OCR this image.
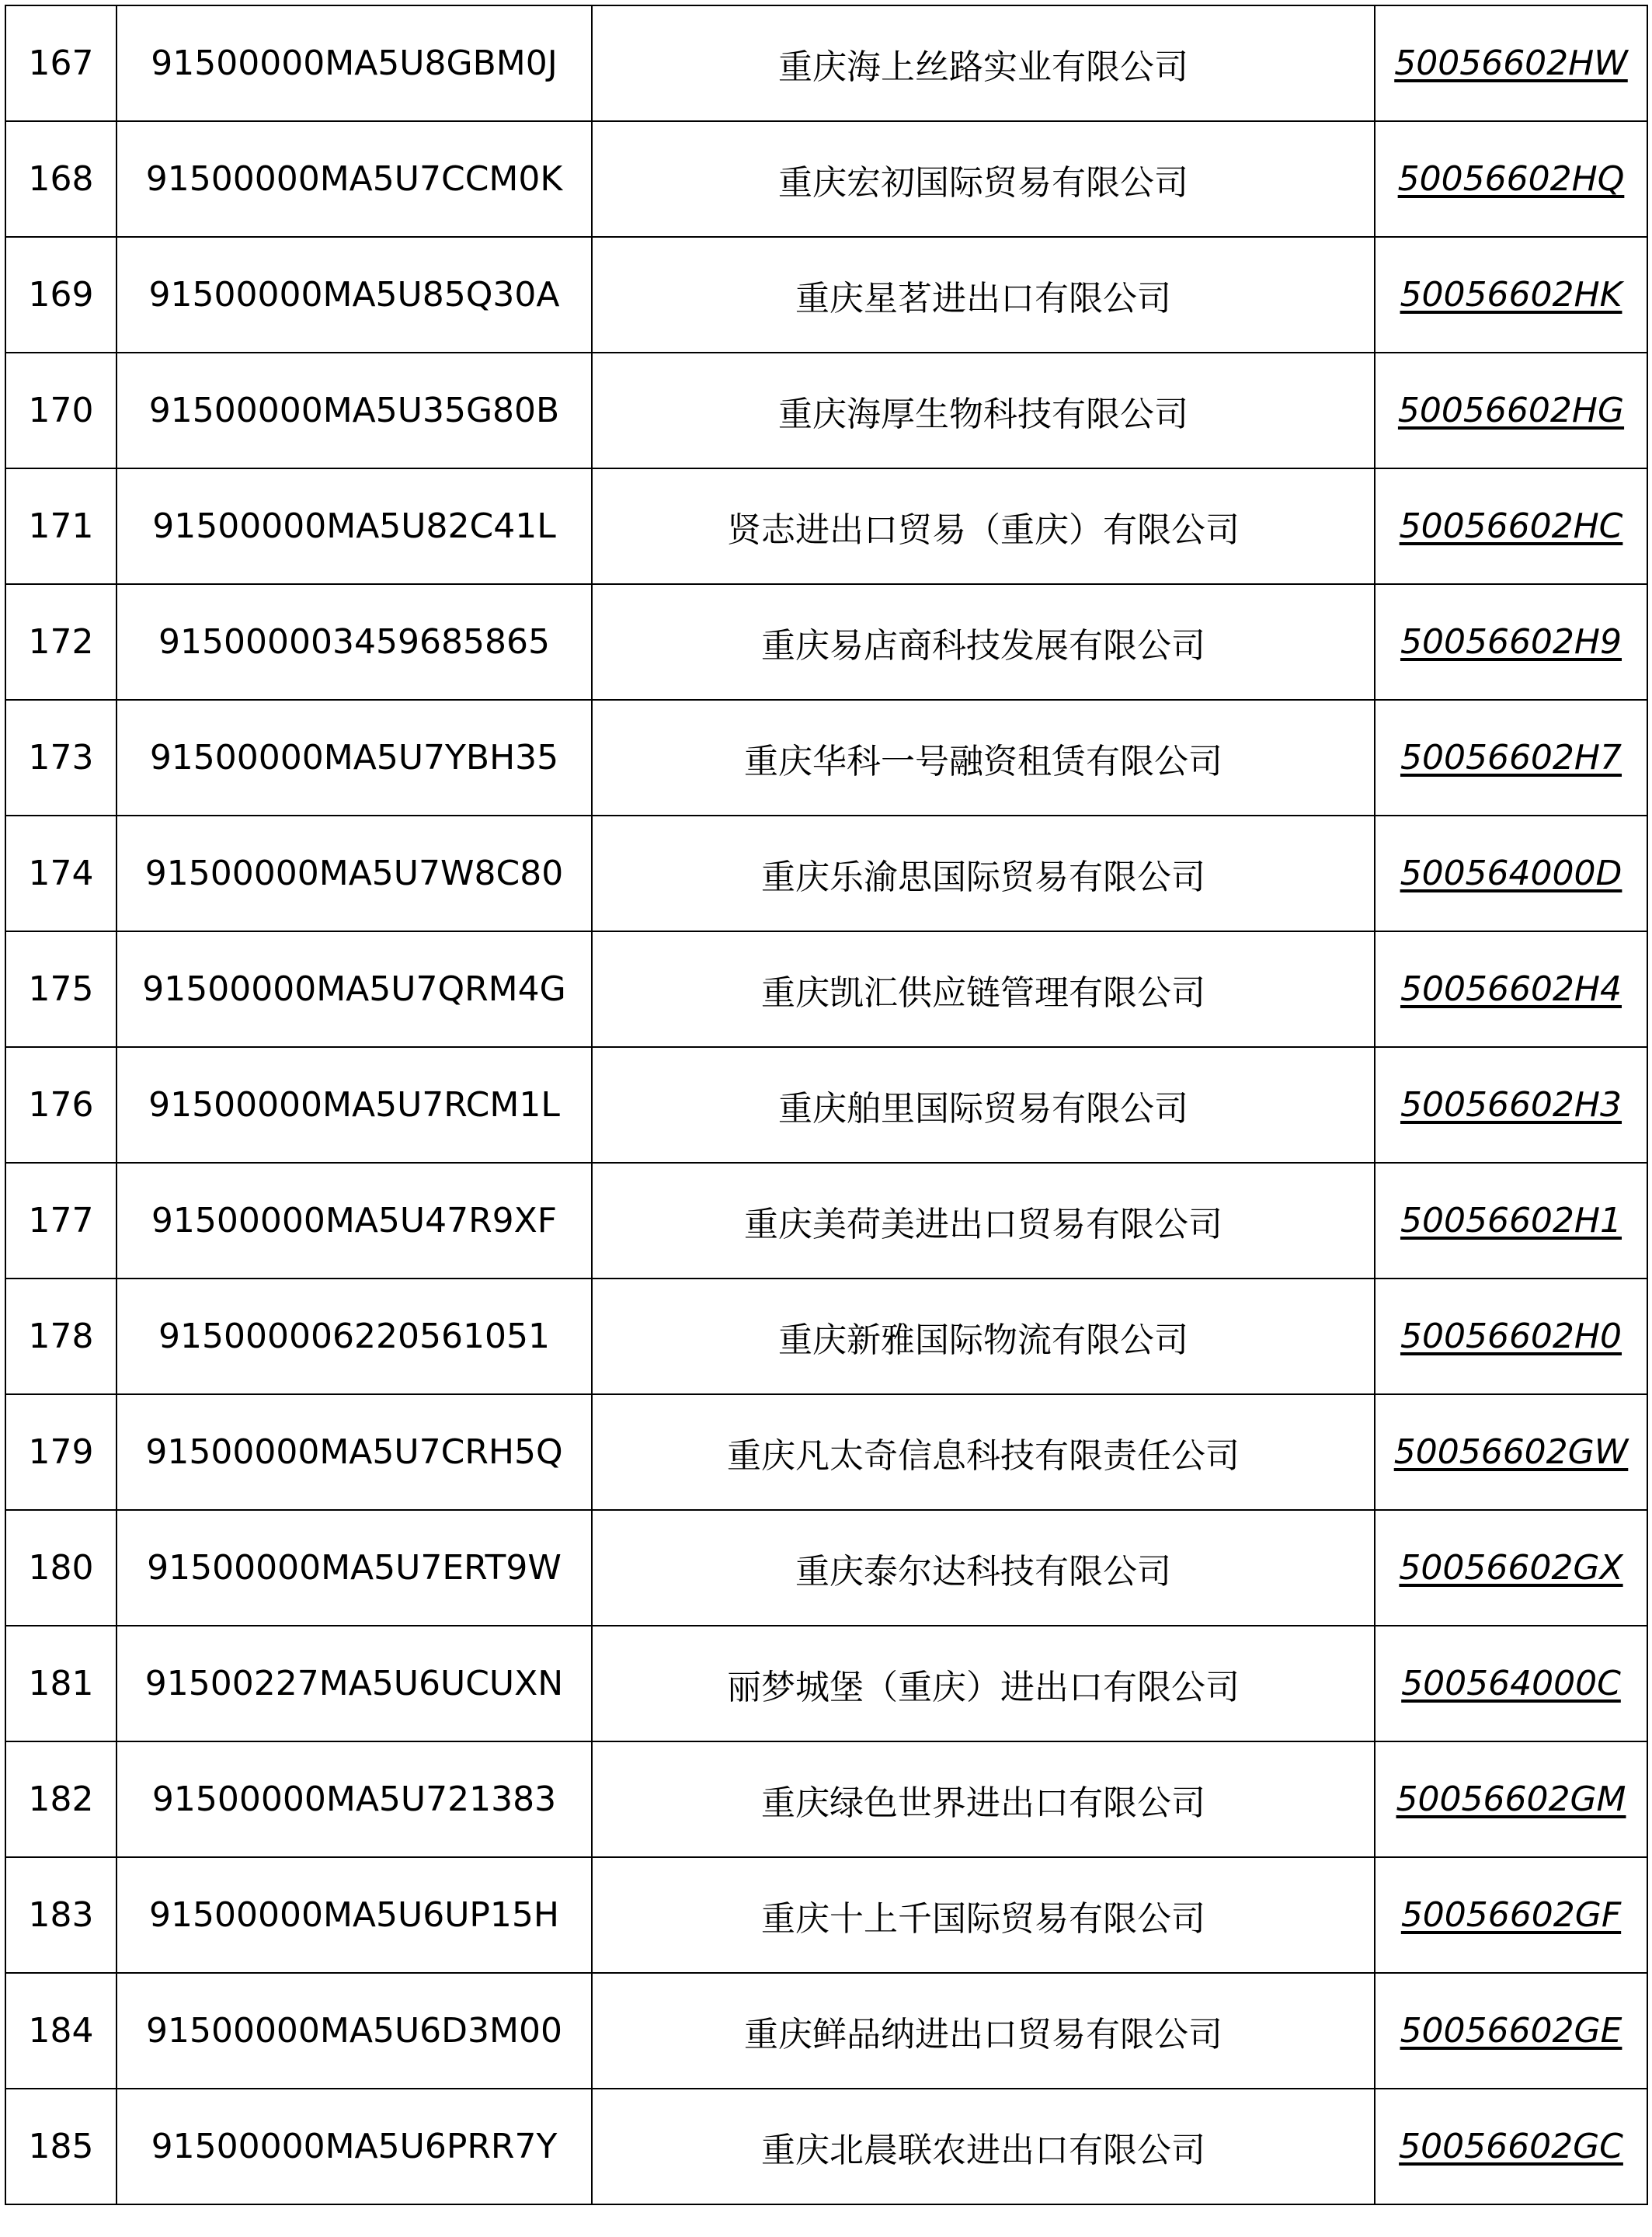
167	91500000MA5U8GBM0J	重庆海上丝路实业有限公司	50056602HW
168	91500000MA5U7CCM0K	重庆宏初国际贸易有限公司	50056602HQ
169	91500000MA5U85Q30A	重庆星茗进出口有限公司	50056602HK
170	91500000MA5U35G80B	重庆海厚生物科技有限公司	50056602HG
171	91500000MA5U82C41L	贤志进出口贸易（重庆）有限公司	50056602HC
172	915000003459685865	重庆易店商科技发展有限公司	50056602H9
173	91500000MA5U7YBH35	重庆华科一号融资租赁有限公司	50056602H7
174	91500000MA5U7W8C80	重庆乐渝思国际贸易有限公司	500564000D
175	91500000MA5U7QRM4G	重庆凯汇供应链管理有限公司	50056602H4
176	91500000MA5U7RCM1L	重庆舶里国际贸易有限公司	50056602H3
177	91500000MA5U47R9XF	重庆美荷美进出口贸易有限公司	50056602H1
178	915000006220561051	重庆新雅国际物流有限公司	50056602H0
179	91500000MA5U7CRH5Q	重庆凡太奇信息科技有限责任公司	50056602GW
180	91500000MA5U7ERT9W	重庆泰尔达科技有限公司	50056602GX
181	91500227MA5U6UCUXN	丽梦城堡（重庆）进出口有限公司	500564000C
182	91500000MA5U721383	重庆绿色世界进出口有限公司	50056602GM
183	91500000MA5U6UP15H	重庆十上千国际贸易有限公司	50056602GF
184	91500000MA5U6D3M00	重庆鲜品纳进出口贸易有限公司	50056602GE
185	91500000MA5U6PRR7Y	重庆北晨联农进出口有限公司	50056602GC
